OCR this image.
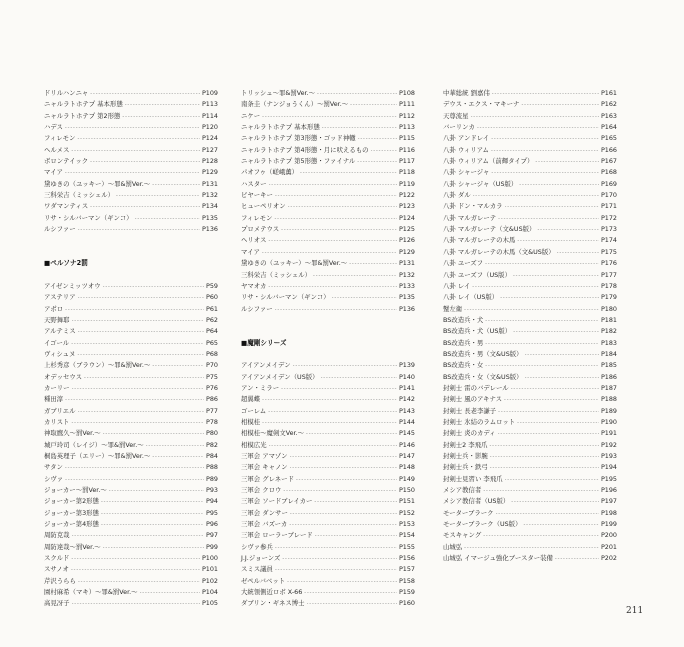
ドリルハンニャ -----	P109
ニャルラトホテプ 基本形態 -----	P113
ニャルラトホテプ 第2形態 -----	P114
ハデス -----	P120
フィレモン -----	P124
ヘルメス -----	P127
ボロンテイック -----	P128
マイア -----	P129
黛ゆきの（ユッキー）～罪&罰Ver.～ -----	P131
三科栄吉（ミッシェル） -----	P132
ワダマンティス -----	P134
リサ・シルバーマン（ギンコ） -----	P135
ルシファー -----	P136
■ペルソナ2罰
アイゼンミッツオウ -----	P59
アステリア -----	P60
アポロ -----	P61
天野舞耶 -----	P62
アルテミス -----	P64
イゴール -----	P65
ヴィシュヌ -----	P68
上杉秀彦（ブラウン）～罪&罰Ver.～ -----	P70
オデッセウス -----	P75
カーリー -----	P76
種田淳 -----	P86
ガブリエル -----	P77
カリスト -----	P78
神取鷹久～罰Ver.～ -----	P80
城戸玲司（レイジ）～罪&罰Ver.～ -----	P82
桐島英理子（エリー）～罪&罰Ver.～ -----	P84
サタン -----	P88
シヴァ -----	P89
ジョーカー～罰Ver.～ -----	P93
ジョーカー第2形態 -----	P94
ジョーカー第3形態 -----	P95
ジョーカー第4形態 -----	P96
周防克哉 -----	P97
周防達哉～罰Ver.～ -----	P99
スクルド -----	P100
スサノオ -----	P101
芹沢うらら -----	P102
園村麻希（マキ）～罪&罰Ver.～ -----	P104
高見冴子 -----	P105
トリッシュ～罪&罰Ver.～ -----	P108
南条圭（ナンジョうくん）～罰Ver.～ -----	P111
ニケー -----	P112
ニャルラトホテプ 基本形態 -----	P113
ニャルラトホテプ 第3形態・ゴッド神轍 -----	P115
ニャルラトホテプ 第4形態・月に吠えるもの -----	P116
ニャルラトホテプ 第5形態・ファイナル -----	P117
パオフゥ（嵯峨薫） -----	P118
ハスター -----	P119
ピヤーキー -----	P122
ヒューペリオン -----	P123
フィレモン -----	P124
プロメテウス -----	P125
ヘリオス -----	P126
マイア -----	P129
黛ゆきの（ユッキー）～罪&罰Ver.～ -----	P131
三科栄吉（ミッシェル） -----	P132
ヤマオカ -----	P133
リサ・シルバーマン（ギンコ） -----	P135
ルシファー -----	P136
■魔剛シリーズ
アイアンメイデン -----	P139
アイアンメイデン（US版） -----	P140
アン・ミラー -----	P141
超翼蝶 -----	P142
ゴーレム -----	P143
相模桂 -----	P144
相模桂～魔剣文Ver.～ -----	P145
相模広光 -----	P146
三軍会 アマゾン -----	P147
三軍会 キャノン -----	P148
三軍会 グレネード -----	P149
三軍会 クロウ -----	P150
三軍会 ソードブレイカー -----	P151
三軍会 ダンサー -----	P152
三軍会 バズーカ -----	P153
三軍会 ローラーブレード -----	P154
シヴァ参兵 -----	P155
J.J.ジョーンズ -----	P156
スミス議員 -----	P157
ゼペルバベット -----	P158
大統領側近ロボ X-66 -----	P159
ダブリン・ギネス博士 -----	P160
中華総統 劉嘉伟 -----	P161
デウス・エクス・マキーナ -----	P162
天尊流星 -----	P163
バーリンカ -----	P164
八卦 アンドレイ -----	P165
八卦 ウィリアム -----	P166
八卦 ウィリアム（前輝タイプ） -----	P167
八卦 シャージャ -----	P168
八卦 シャージャ（US版） -----	P169
八卦 ダル -----	P170
八卦 ドン・マルカラ -----	P171
八卦 マルガレーテ -----	P172
八卦 マルガレーテ（文&US版） -----	P173
八卦 マルガレーテの木馬 -----	P174
八卦 マルガレーテの木馬（文&US版） -----	P175
八卦 ユーズフ -----	P176
八卦 ユーズフ（US版） -----	P177
八卦 レイ -----	P178
八卦 レイ（US版） -----	P179
蟹左衛 -----	P180
BS改造兵・犬 -----	P181
BS改造兵・犬（US版） -----	P182
BS改造兵・男 -----	P183
BS改造兵・男（文&US版） -----	P184
BS改造兵・女 -----	P185
BS改造兵・女（文&US版） -----	P186
封剣士 雷のバデレール -----	P187
封剣士 風のアキナス -----	P188
封剣士 長老李謙子 -----	P189
封剣士 氷結のラムロット -----	P190
封剣士 炎のカディ -----	P191
封剣士2 李飛爪 -----	P192
封剣士兵・影腕 -----	P193
封剣士兵・鉄弓 -----	P194
封剣士見習い 李飛爪 -----	P195
メシア教信者 -----	P196
メシア教信者（US版） -----	P197
モーターブラーク -----	P198
モーターブラーク（US版） -----	P199
モスキャング -----	P200
山城弘 -----	P201
山城弘 イマージュ強化ブースター装備 -----	P202
211
